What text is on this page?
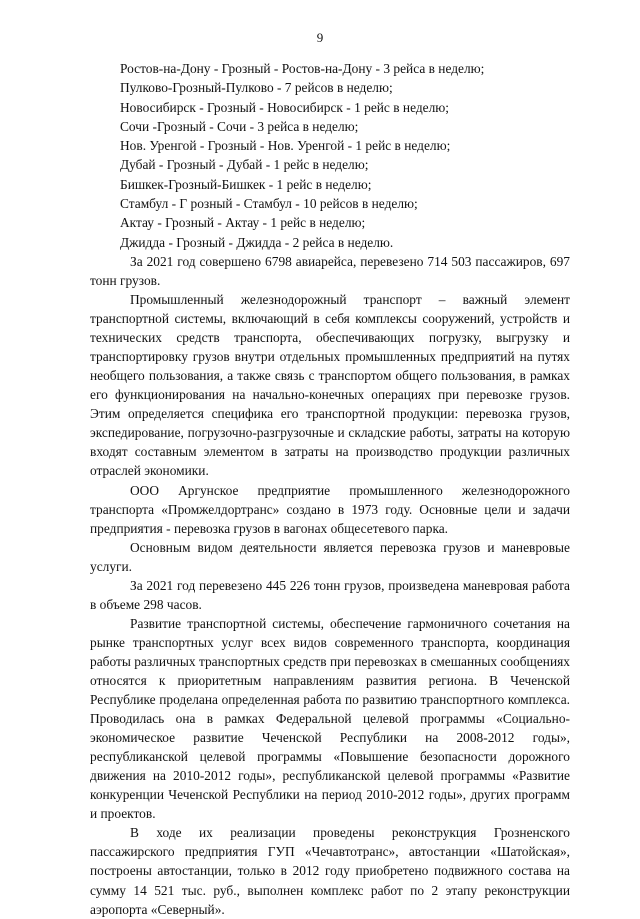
9
Ростов-на-Дону - Грозный - Ростов-на-Дону - 3 рейса в неделю;
Пулково-Грозный-Пулково - 7 рейсов в неделю;
Новосибирск - Грозный - Новосибирск - 1 рейс в неделю;
Сочи -Грозный - Сочи - 3 рейса в неделю;
Нов. Уренгой - Грозный - Нов. Уренгой - 1 рейс в неделю;
Дубай - Грозный - Дубай - 1 рейс в неделю;
Бишкек-Грозный-Бишкек - 1 рейс в неделю;
Стамбул - Г розный - Стамбул - 10 рейсов в неделю;
Актау - Грозный - Актау - 1 рейс в неделю;
Джидда - Грозный - Джидда - 2 рейса в неделю.

За 2021 год совершено 6798 авиарейса, перевезено 714 503 пассажиров, 697 тонн грузов.

Промышленный железнодорожный транспорт – важный элемент транспортной системы, включающий в себя комплексы сооружений, устройств и технических средств транспорта, обеспечивающих погрузку, выгрузку и транспортировку грузов внутри отдельных промышленных предприятий на путях необщего пользования, а также связь с транспортом общего пользования, в рамках его функционирования на начально-конечных операциях при перевозке грузов. Этим определяется специфика его транспортной продукции: перевозка грузов, экспедирование, погрузочно-разгрузочные и складские работы, затраты на которую входят составным элементом в затраты на производство продукции различных отраслей экономики.

ООО Аргунское предприятие промышленного железнодорожного транспорта «Промжелдортранс» создано в 1973 году. Основные цели и задачи предприятия - перевозка грузов в вагонах общесетевого парка.

Основным видом деятельности является перевозка грузов и маневровые услуги.

За 2021 год перевезено 445 226 тонн грузов, произведена маневровая работа в объеме 298 часов.

Развитие транспортной системы, обеспечение гармоничного сочетания на рынке транспортных услуг всех видов современного транспорта, координация работы различных транспортных средств при перевозках в смешанных сообщениях относятся к приоритетным направлениям развития региона. В Чеченской Республике проделана определенная работа по развитию транспортного комплекса. Проводилась она в рамках Федеральной целевой программы «Социально-экономическое развитие Чеченской Республики на 2008-2012 годы», республиканской целевой программы «Повышение безопасности дорожного движения на 2010-2012 годы», республиканской целевой программы «Развитие конкуренции Чеченской Республики на период 2010-2012 годы», других программ и проектов.

В ходе их реализации проведены реконструкция Грозненского пассажирского предприятия ГУП «Чечавтотранс», автостанции «Шатойская», построены автостанции, только в 2012 году приобретено подвижного состава на сумму 14 521 тыс. руб., выполнен комплекс работ по 2 этапу реконструкции аэропорта «Северный».
